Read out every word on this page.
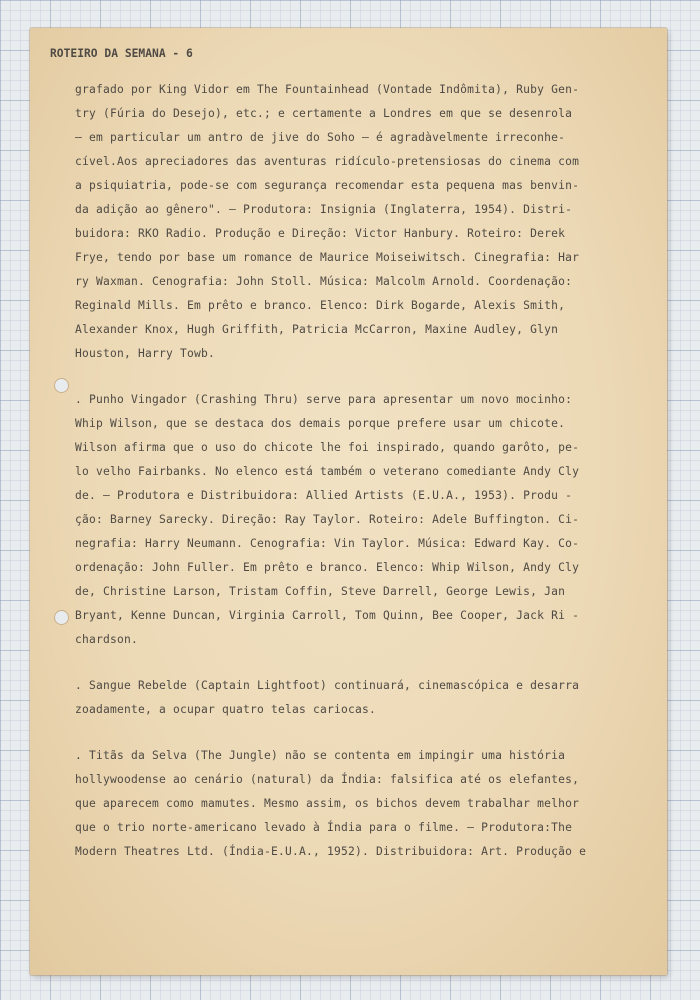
ROTEIRO DA SEMANA - 6
grafado por King Vidor em The Fountainhead (Vontade Indômita), Ruby Gen-
try (Fúria do Desejo), etc.; e certamente a Londres em que se desenrola
— em particular um antro de jive do Soho — é agradàvelmente irreconhe-
cível.Aos apreciadores das aventuras ridículo-pretensiosas do cinema com
a psiquiatria, pode-se com segurança recomendar esta pequena mas benvin-
da adição ao gênero". — Produtora: Insignia (Inglaterra, 1954). Distri-
buidora: RKO Radio. Produção e Direção: Victor Hanbury. Roteiro: Derek
Frye, tendo por base um romance de Maurice Moiseiwitsch. Cinegrafia: Har
ry Waxman. Cenografia: John Stoll. Música: Malcolm Arnold. Coordenação:
Reginald Mills. Em prêto e branco. Elenco: Dirk Bogarde, Alexis Smith,
Alexander Knox, Hugh Griffith, Patricia McCarron, Maxine Audley, Glyn
Houston, Harry Towb.
. Punho Vingador (Crashing Thru) serve para apresentar um novo mocinho:
Whip Wilson, que se destaca dos demais porque prefere usar um chicote.
Wilson afirma que o uso do chicote lhe foi inspirado, quando garôto, pe-
lo velho Fairbanks. No elenco está também o veterano comediante Andy Cly
de. — Produtora e Distribuidora: Allied Artists (E.U.A., 1953). Produ -
ção: Barney Sarecky. Direção: Ray Taylor. Roteiro: Adele Buffington. Ci-
negrafia: Harry Neumann. Cenografia: Vin Taylor. Música: Edward Kay. Co-
ordenação: John Fuller. Em prêto e branco. Elenco: Whip Wilson, Andy Cly
de, Christine Larson, Tristam Coffin, Steve Darrell, George Lewis, Jan
Bryant, Kenne Duncan, Virginia Carroll, Tom Quinn, Bee Cooper, Jack Ri -
chardson.
. Sangue Rebelde (Captain Lightfoot) continuará, cinemascópica e desarra
zoadamente, a ocupar quatro telas cariocas.
. Titãs da Selva (The Jungle) não se contenta em impingir uma história
hollywoodense ao cenário (natural) da Índia: falsifica até os elefantes,
que aparecem como mamutes. Mesmo assim, os bichos devem trabalhar melhor
que o trio norte-americano levado à Índia para o filme. — Produtora:The
Modern Theatres Ltd. (Índia-E.U.A., 1952). Distribuidora: Art. Produção e
